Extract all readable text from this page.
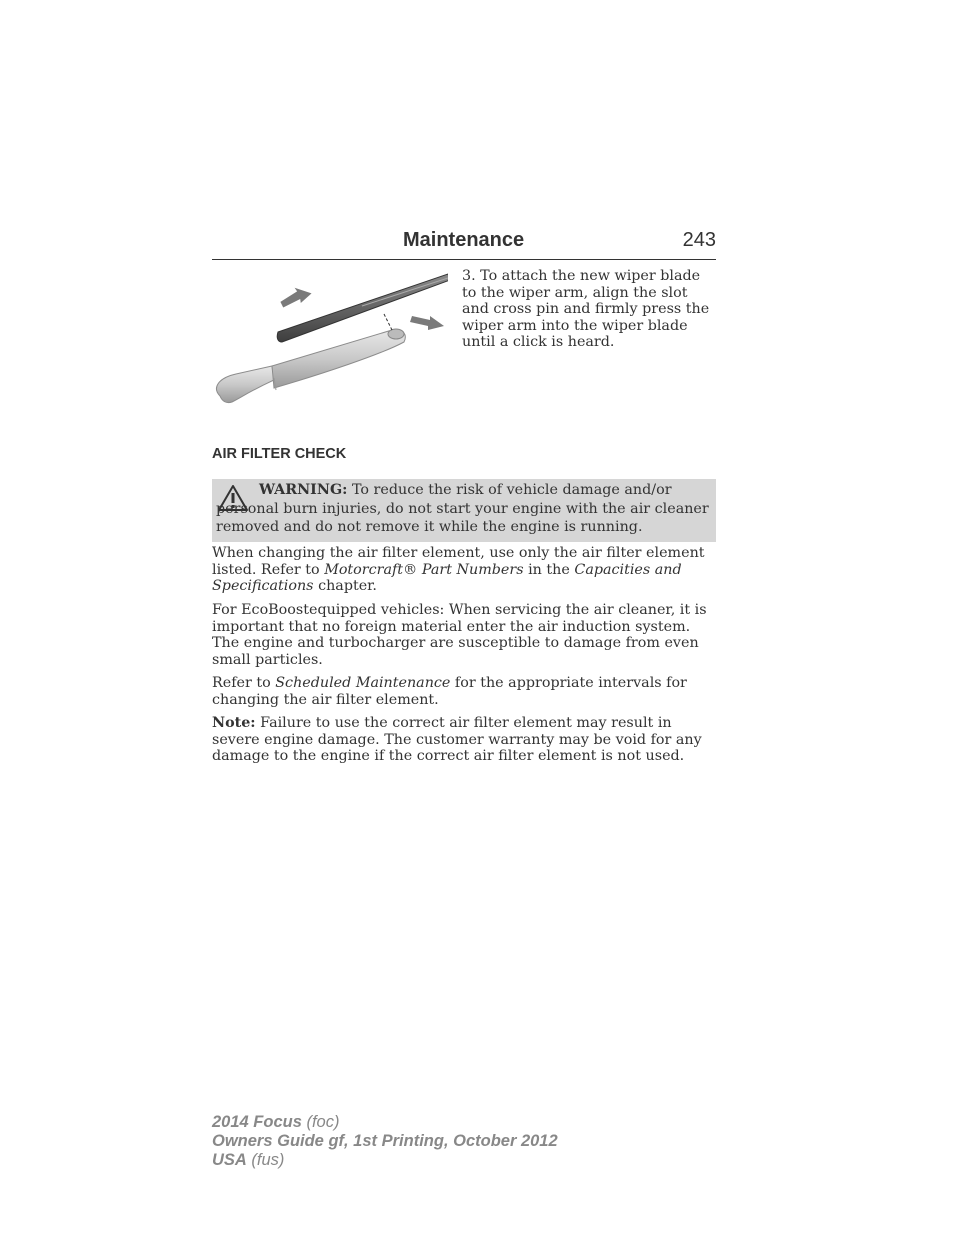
Maintenance	243
3. To attach the new wiper blade to the wiper arm, align the slot and cross pin and firmly press the wiper arm into the wiper blade until a click is heard.
AIR FILTER CHECK
WARNING: To reduce the risk of vehicle damage and/or personal burn injuries, do not start your engine with the air cleaner removed and do not remove it while the engine is running.

When changing the air filter element, use only the air filter element listed. Refer to Motorcraft® Part Numbers in the Capacities and Specifications chapter.

For EcoBoostequipped vehicles: When servicing the air cleaner, it is important that no foreign material enter the air induction system. The engine and turbocharger are susceptible to damage from even small particles.

Refer to Scheduled Maintenance for the appropriate intervals for changing the air filter element.

Note: Failure to use the correct air filter element may result in severe engine damage. The customer warranty may be void for any damage to the engine if the correct air filter element is not used.

2014 Focus (foc)
Owners Guide gf, 1st Printing, October 2012
USA (fus)
